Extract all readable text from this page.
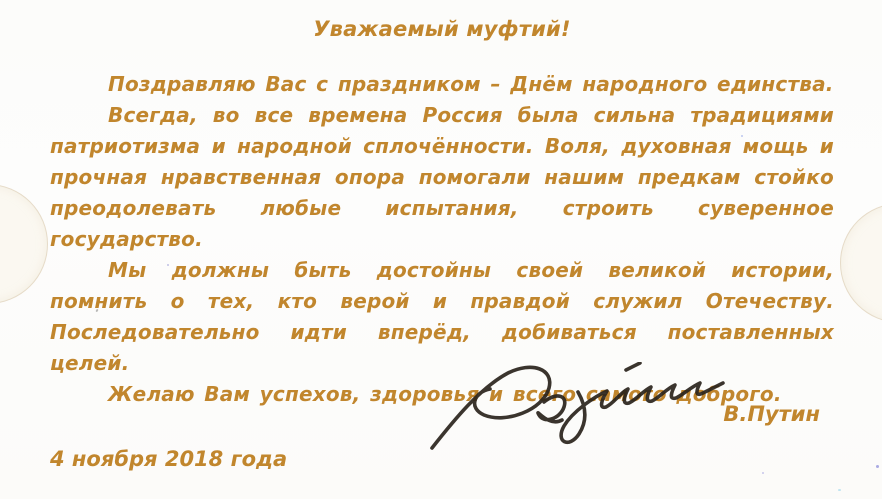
Уважаемый муфтий!

Поздравляю Вас с праздником – Днём народного единства.

Всегда, во все времена Россия была сильна традициями патриотизма и народной сплочённости. Воля, духовная мощь и прочная нравственная опора помогали нашим предкам стойко преодолевать любые испытания, строить суверенное государство.

Мы должны быть достойны своей великой истории, помнить о тех, кто верой и правдой служил Отечеству. Последовательно идти вперёд, добиваться поставленных целей.

Желаю Вам успехов, здоровья и всего самого доброго.

В.Путин
4 ноября 2018 года
